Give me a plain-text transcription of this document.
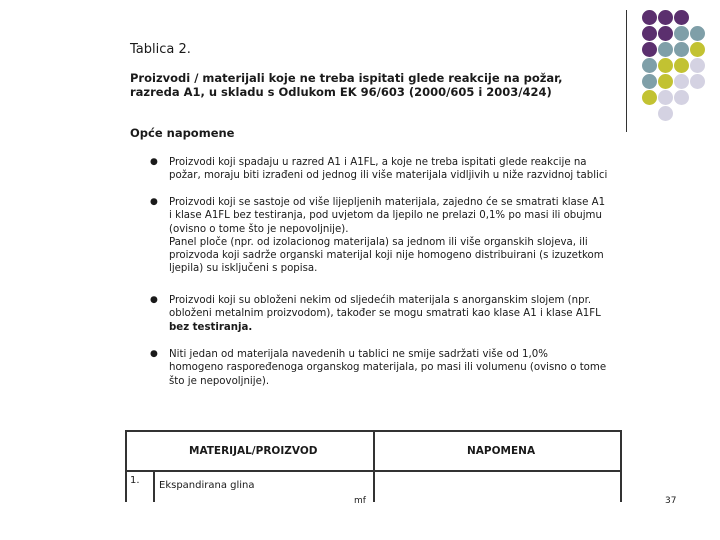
Tablica 2.
Proizvodi / materijali koje ne treba ispitati glede reakcije na požar, razreda A1, u skladu s Odlukom EK 96/603 (2000/605 i 2003/424)
Opće napomene
● Proizvodi koji spadaju u razred A1 i A1FL, a koje ne treba ispitati glede reakcije na
požar, moraju biti izrađeni od jednog ili više materijala vidljivih u niže razvidnoj tablici
● Proizvodi koji se sastoje od više lijepljenih materijala, zajedno će se smatrati klase A1
i klase A1FL bez testiranja, pod uvjetom da ljepilo ne prelazi 0,1% po masi ili obujmu
(ovisno o tome što je nepovoljnije).
Panel ploče (npr. od izolacionog materijala) sa jednom ili više organskih slojeva, ili
proizvoda koji sadrže organski materijal koji nije homogeno distribuirani (s izuzetkom
ljepila) su isključeni s popisa.
● Proizvodi koji su obloženi nekim od sljedećih materijala s anorganskim slojem (npr.
obloženi metalnim proizvodom), također se mogu smatrati kao klase A1 i klase A1FL
bez testiranja.
● Niti jedan od materijala navedenih u tablici ne smije sadržati više od 1,0%
homogeno raspoređenoga organskog materijala, po masi ili volumenu (ovisno o tome
što je nepovoljnije).
MATERIJAL/PROIZVOD	NAPOMENA
1. Ekspandirana glina
mf	37
